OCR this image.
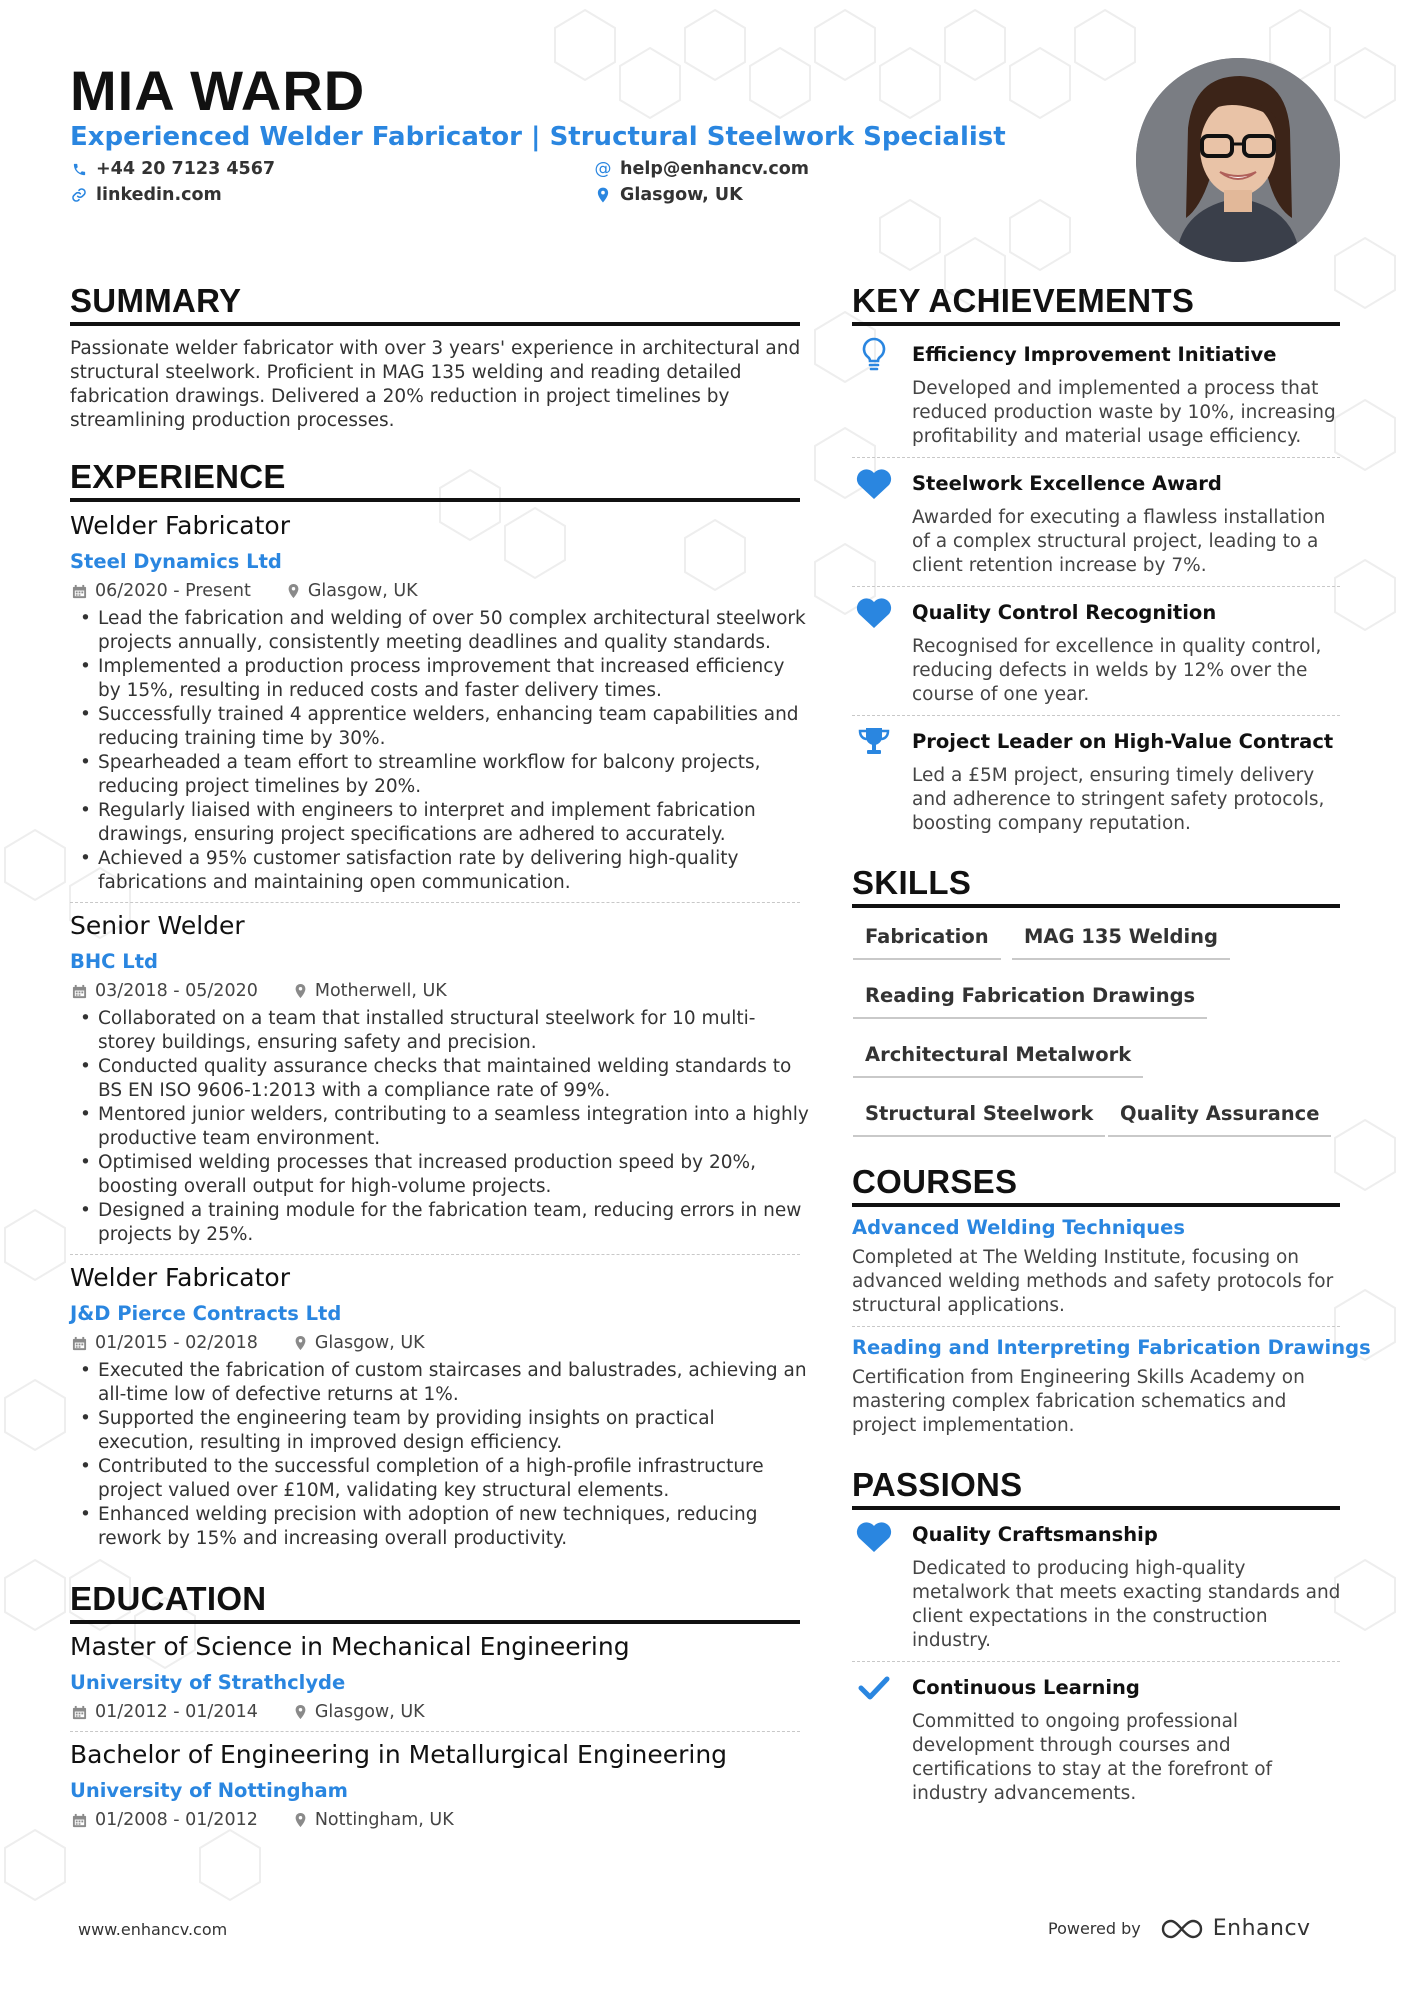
MIA WARD
Experienced Welder Fabricator | Structural Steelwork Specialist
+44 20 7123 4567	@ help@enhancv.com
linkedin.com	Glasgow, UK
SUMMARY
Passionate welder fabricator with over 3 years' experience in architectural and
structural steelwork. Proficient in MAG 135 welding and reading detailed
fabrication drawings. Delivered a 20% reduction in project timelines by
streamlining production processes.
EXPERIENCE
Welder Fabricator
Steel Dynamics Ltd
06/2020 - Present	Glasgow, UK
• Lead the fabrication and welding of over 50 complex architectural steelwork
projects annually, consistently meeting deadlines and quality standards.
• Implemented a production process improvement that increased efficiency
by 15%, resulting in reduced costs and faster delivery times.
• Successfully trained 4 apprentice welders, enhancing team capabilities and
reducing training time by 30%.
• Spearheaded a team effort to streamline workflow for balcony projects,
reducing project timelines by 20%.
• Regularly liaised with engineers to interpret and implement fabrication
drawings, ensuring project specifications are adhered to accurately.
• Achieved a 95% customer satisfaction rate by delivering high-quality
fabrications and maintaining open communication.
Senior Welder
BHC Ltd
03/2018 - 05/2020	Motherwell, UK
• Collaborated on a team that installed structural steelwork for 10 multi-
storey buildings, ensuring safety and precision.
• Conducted quality assurance checks that maintained welding standards to
BS EN ISO 9606-1:2013 with a compliance rate of 99%.
• Mentored junior welders, contributing to a seamless integration into a highly
productive team environment.
• Optimised welding processes that increased production speed by 20%,
boosting overall output for high-volume projects.
• Designed a training module for the fabrication team, reducing errors in new
projects by 25%.
Welder Fabricator
J&D Pierce Contracts Ltd
01/2015 - 02/2018	Glasgow, UK
• Executed the fabrication of custom staircases and balustrades, achieving an
all-time low of defective returns at 1%.
• Supported the engineering team by providing insights on practical
execution, resulting in improved design efficiency.
• Contributed to the successful completion of a high-profile infrastructure
project valued over £10M, validating key structural elements.
• Enhanced welding precision with adoption of new techniques, reducing
rework by 15% and increasing overall productivity.
EDUCATION
Master of Science in Mechanical Engineering
University of Strathclyde
01/2012 - 01/2014	Glasgow, UK
Bachelor of Engineering in Metallurgical Engineering
University of Nottingham
01/2008 - 01/2012	Nottingham, UK
KEY ACHIEVEMENTS
Efficiency Improvement Initiative
Developed and implemented a process that
reduced production waste by 10%, increasing
profitability and material usage efficiency.
Steelwork Excellence Award
Awarded for executing a flawless installation
of a complex structural project, leading to a
client retention increase by 7%.
Quality Control Recognition
Recognised for excellence in quality control,
reducing defects in welds by 12% over the
course of one year.
Project Leader on High-Value Contract
Led a £5M project, ensuring timely delivery
and adherence to stringent safety protocols,
boosting company reputation.
SKILLS
Fabrication	MAG 135 Welding
Reading Fabrication Drawings
Architectural Metalwork
Structural Steelwork	Quality Assurance
COURSES
Advanced Welding Techniques
Completed at The Welding Institute, focusing on
advanced welding methods and safety protocols for
structural applications.
Reading and Interpreting Fabrication Drawings
Certification from Engineering Skills Academy on
mastering complex fabrication schematics and
project implementation.
PASSIONS
Quality Craftsmanship
Dedicated to producing high-quality
metalwork that meets exacting standards and
client expectations in the construction
industry.
Continuous Learning
Committed to ongoing professional
development through courses and
certifications to stay at the forefront of
industry advancements.
www.enhancv.com	Powered by	Enhancv
